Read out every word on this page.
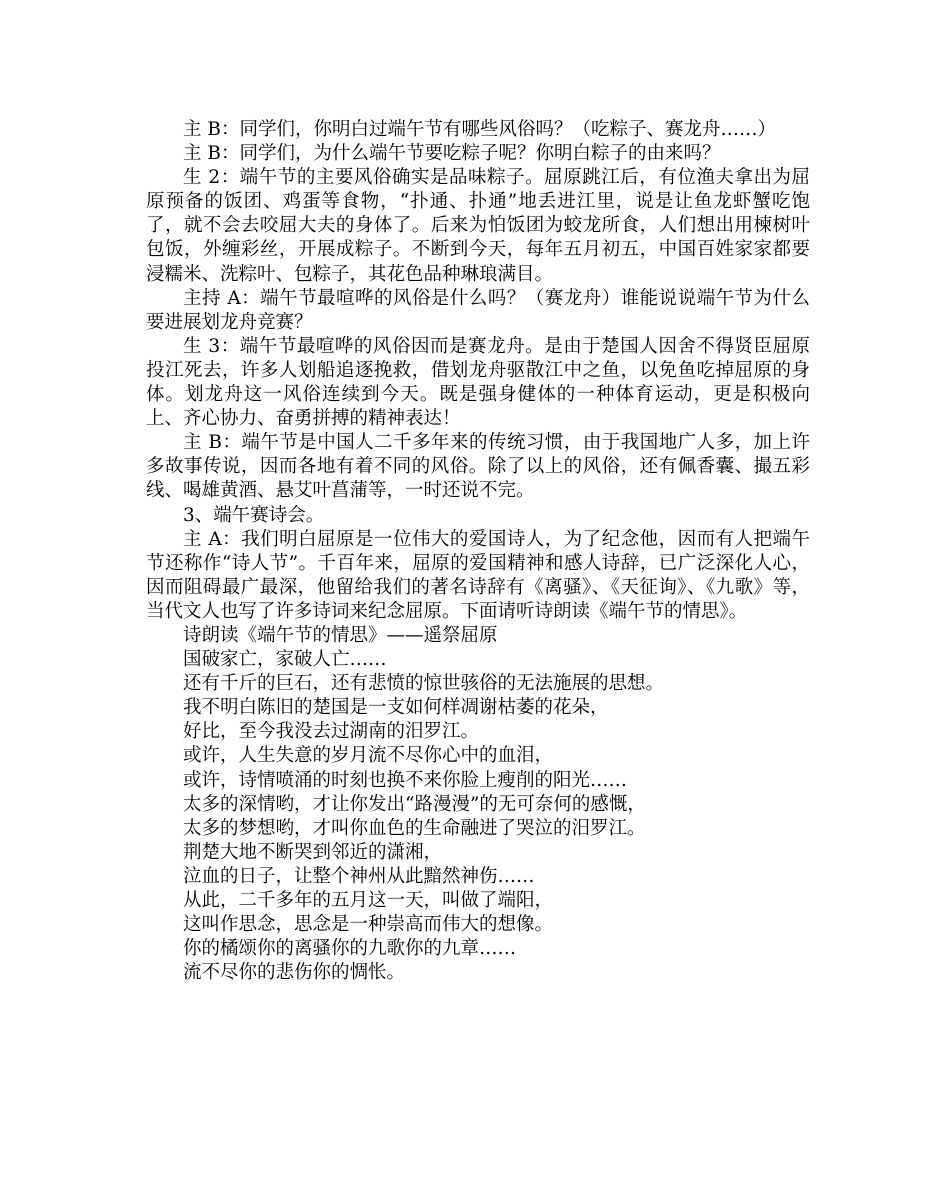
主 B：同学们，你明白过端午节有哪些风俗吗？（吃粽子、赛龙舟……）

主 B：同学们，为什么端午节要吃粽子呢？你明白粽子的由来吗？

生 2：端午节的主要风俗确实是品味粽子。屈原跳江后，有位渔夫拿出为屈原预备的饭团、鸡蛋等食物，“扑通、扑通”地丢进江里，说是让鱼龙虾蟹吃饱了，就不会去咬屈大夫的身体了。后来为怕饭团为蛟龙所食，人们想出用楝树叶包饭，外缠彩丝，开展成粽子。不断到今天，每年五月初五，中国百姓家家都要浸糯米、洗粽叶、包粽子，其花色品种琳琅满目。

主持 A：端午节最喧哗的风俗是什么吗？（赛龙舟）谁能说说端午节为什么要进展划龙舟竞赛？

生 3：端午节最喧哗的风俗因而是赛龙舟。是由于楚国人因舍不得贤臣屈原投江死去，许多人划船追逐挽救，借划龙舟驱散江中之鱼，以免鱼吃掉屈原的身体。划龙舟这一风俗连续到今天。既是强身健体的一种体育运动，更是积极向上、齐心协力、奋勇拼搏的精神表达！

主 B：端午节是中国人二千多年来的传统习惯，由于我国地广人多，加上许多故事传说，因而各地有着不同的风俗。除了以上的风俗，还有佩香囊、撮五彩线、喝雄黄酒、悬艾叶菖蒲等，一时还说不完。

3、端午赛诗会。

主 A：我们明白屈原是一位伟大的爱国诗人，为了纪念他，因而有人把端午节还称作“诗人节”。千百年来，屈原的爱国精神和感人诗辞，已广泛深化人心，因而阻碍最广最深，他留给我们的著名诗辞有《离骚》、《天征询》、《九歌》等，当代文人也写了许多诗词来纪念屈原。下面请听诗朗读《端午节的情思》。

诗朗读《端午节的情思》——遥祭屈原

国破家亡，家破人亡……

还有千斤的巨石，还有悲愤的惊世骇俗的无法施展的思想。

我不明白陈旧的楚国是一支如何样凋谢枯萎的花朵，

好比，至今我没去过湖南的汨罗江。

或许，人生失意的岁月流不尽你心中的血泪，

或许，诗情喷涌的时刻也换不来你脸上瘦削的阳光……

太多的深情哟，才让你发出“路漫漫”的无可奈何的感慨，

太多的梦想哟，才叫你血色的生命融进了哭泣的汨罗江。

荆楚大地不断哭到邻近的潇湘，

泣血的日子，让整个神州从此黯然神伤……

从此，二千多年的五月这一天，叫做了端阳，

这叫作思念，思念是一种崇高而伟大的想像。

你的橘颂你的离骚你的九歌你的九章……

流不尽你的悲伤你的惆怅。
